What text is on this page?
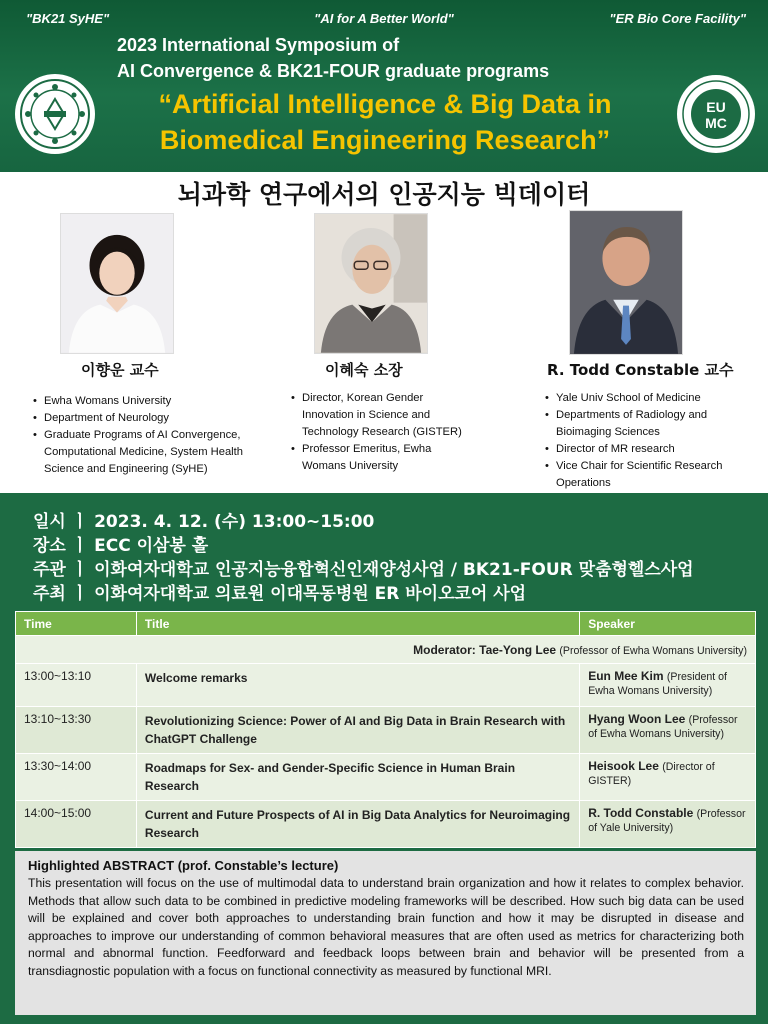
"BK21 SyHE"	"AI for A Better World"	"ER Bio Core Facility"
2023 International Symposium of
AI Convergence & BK21-FOUR graduate programs
“Artificial Intelligence & Big Data in
Biomedical Engineering Research”
EU
MC
뇌과학 연구에서의 인공지능 빅데이터
이향운 교수	이혜숙 소장	R. Todd Constable 교수
• Ewha Womans University
• Department of Neurology
• Graduate Programs of AI Convergence, Computational Medicine, System Health Science and Engineering (SyHE)
• Director, Korean Gender Innovation in Science and Technology Research (GISTER)
• Professor Emeritus, Ewha Womans University
• Yale Univ School of Medicine
• Departments of Radiology and Bioimaging Sciences
• Director of MR research
• Vice Chair for Scientific Research Operations
일시 ㅣ 2023. 4. 12. (수) 13:00~15:00
장소 ㅣ ECC 이삼봉 홀
주관 ㅣ 이화여자대학교 인공지능융합혁신인재양성사업 / BK21-FOUR 맞춤형헬스사업
주최 ㅣ 이화여자대학교 의료원 이대목동병원 ER 바이오코어 사업
Time	Title	Speaker
Moderator: Tae-Yong Lee (Professor of Ewha Womans University)		
13:00~13:10	Welcome remarks	Eun Mee Kim (President of Ewha Womans University)
13:10~13:30	Revolutionizing Science: Power of AI and Big Data in Brain Research with ChatGPT Challenge	Hyang Woon Lee (Professor of Ewha Womans University)
13:30~14:00	Roadmaps for Sex- and Gender-Specific Science in Human Brain Research	Heisook Lee (Director of GISTER)
14:00~15:00	Current and Future Prospects of AI in Big Data Analytics for Neuroimaging Research	R. Todd Constable (Professor of Yale University)
Highlighted ABSTRACT (prof. Constable’s lecture)
This presentation will focus on the use of multimodal data to understand brain organization and how it relates to complex behavior. Methods that allow such data to be combined in predictive modeling frameworks will be described. How such big data can be used will be explained and cover both approaches to understanding brain function and how it may be disrupted in disease and approaches to improve our understanding of common behavioral measures that are often used as metrics for characterizing both normal and abnormal function. Feedforward and feedback loops between brain and behavior will be presented from a transdiagnostic population with a focus on functional connectivity as measured by functional MRI.
